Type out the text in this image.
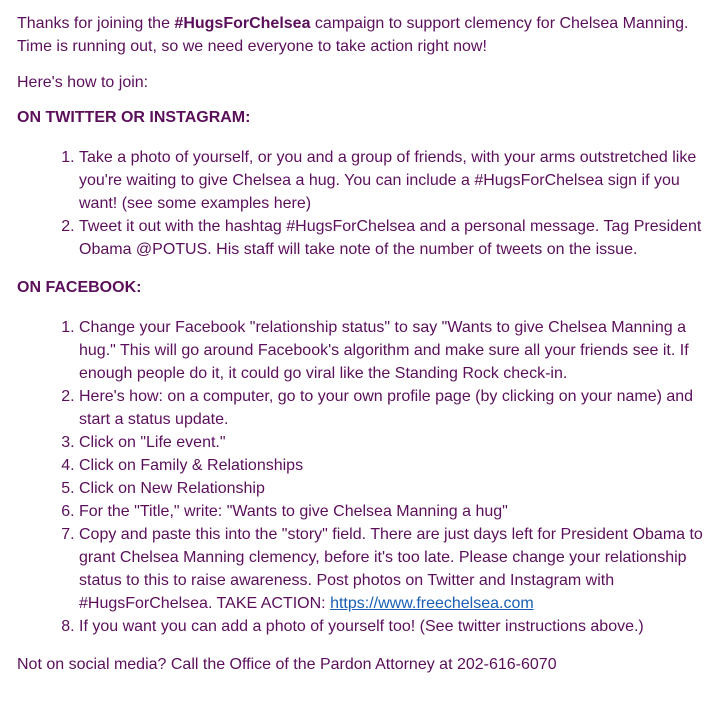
Thanks for joining the #HugsForChelsea campaign to support clemency for Chelsea Manning. Time is running out, so we need everyone to take action right now!

Here's how to join:

ON TWITTER OR INSTAGRAM:

1. Take a photo of yourself, or you and a group of friends, with your arms outstretched like you're waiting to give Chelsea a hug. You can include a #HugsForChelsea sign if you want! (see some examples here)
2. Tweet it out with the hashtag #HugsForChelsea and a personal message. Tag President Obama @POTUS. His staff will take note of the number of tweets on the issue.

ON FACEBOOK:

1. Change your Facebook "relationship status" to say "Wants to give Chelsea Manning a hug." This will go around Facebook's algorithm and make sure all your friends see it. If enough people do it, it could go viral like the Standing Rock check-in.
2. Here's how: on a computer, go to your own profile page (by clicking on your name) and start a status update.
3. Click on "Life event."
4. Click on Family & Relationships
5. Click on New Relationship
6. For the "Title," write: "Wants to give Chelsea Manning a hug"
7. Copy and paste this into the "story" field. There are just days left for President Obama to grant Chelsea Manning clemency, before it's too late. Please change your relationship status to this to raise awareness. Post photos on Twitter and Instagram with #HugsForChelsea. TAKE ACTION: https://www.freechelsea.com
8. If you want you can add a photo of yourself too! (See twitter instructions above.)

Not on social media? Call the Office of the Pardon Attorney at 202-616-6070
